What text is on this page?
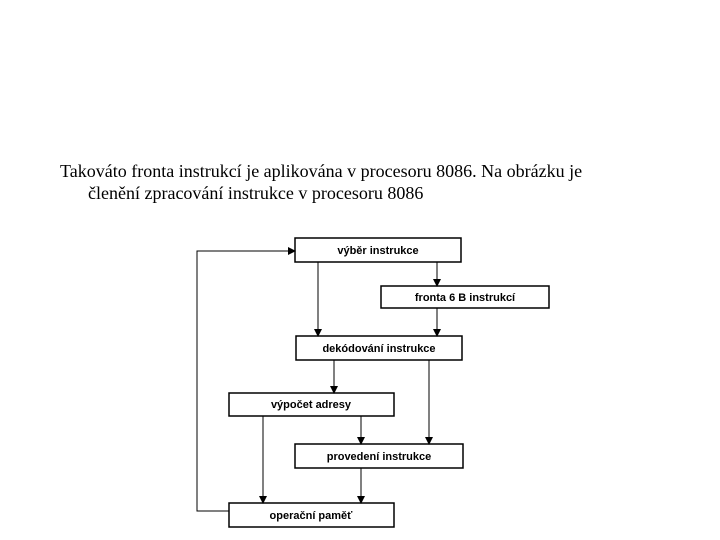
Takováto fronta instrukcí je aplikována v procesoru 8086. Na obrázku je
členění zpracování instrukce v procesoru 8086
výběr instrukce
fronta 6 B instrukcí
dekódování instrukce
výpočet adresy
provedení instrukce
operační paměť
